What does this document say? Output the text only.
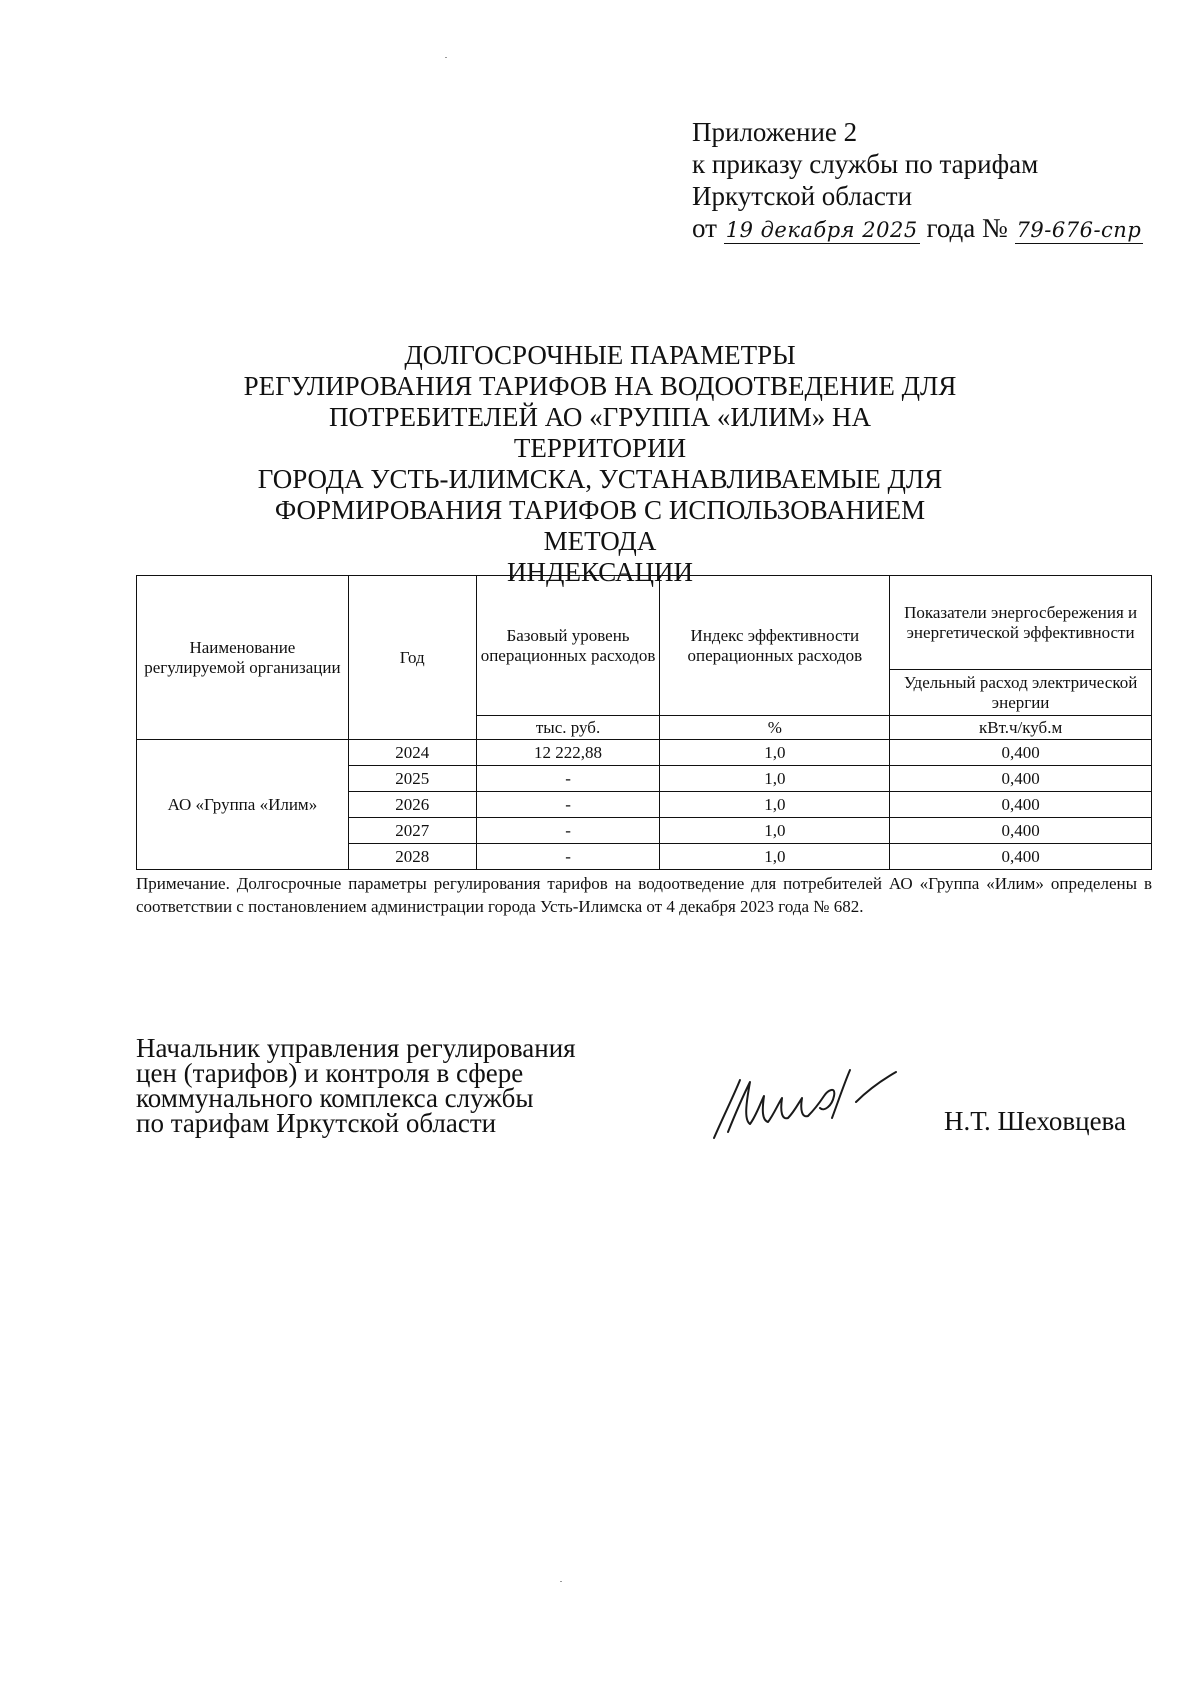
Приложение 2
к приказу службы по тарифам
Иркутской области
от 19 декабря 2025 года № 79-676-спр
ДОЛГОСРОЧНЫЕ ПАРАМЕТРЫ
РЕГУЛИРОВАНИЯ ТАРИФОВ НА ВОДООТВЕДЕНИЕ ДЛЯ
ПОТРЕБИТЕЛЕЙ АО «ГРУППА «ИЛИМ» НА ТЕРРИТОРИИ
ГОРОДА УСТЬ-ИЛИМСКА, УСТАНАВЛИВАЕМЫЕ ДЛЯ
ФОРМИРОВАНИЯ ТАРИФОВ С ИСПОЛЬЗОВАНИЕМ МЕТОДА
ИНДЕКСАЦИИ
Наименование регулируемой организации	Год	Базовый уровень операционных расходов	Индекс эффективности операционных расходов	Показатели энергосбережения и энергетической эффективности
				Удельный расход электрической энергии
		тыс. руб.	%	кВт.ч/куб.м
АО «Группа «Илим»	2024	12 222,88	1,0	0,400
	2025	-	1,0	0,400
	2026	-	1,0	0,400
	2027	-	1,0	0,400
	2028	-	1,0	0,400
Примечание. Долгосрочные параметры регулирования тарифов на водоотведение для потребителей АО «Группа «Илим» определены в соответствии с постановлением администрации города Усть-Илимска от 4 декабря 2023 года № 682.
Начальник управления регулирования
цен (тарифов) и контроля в сфере
коммунального комплекса службы
по тарифам Иркутской области	Н.Т. Шеховцева
